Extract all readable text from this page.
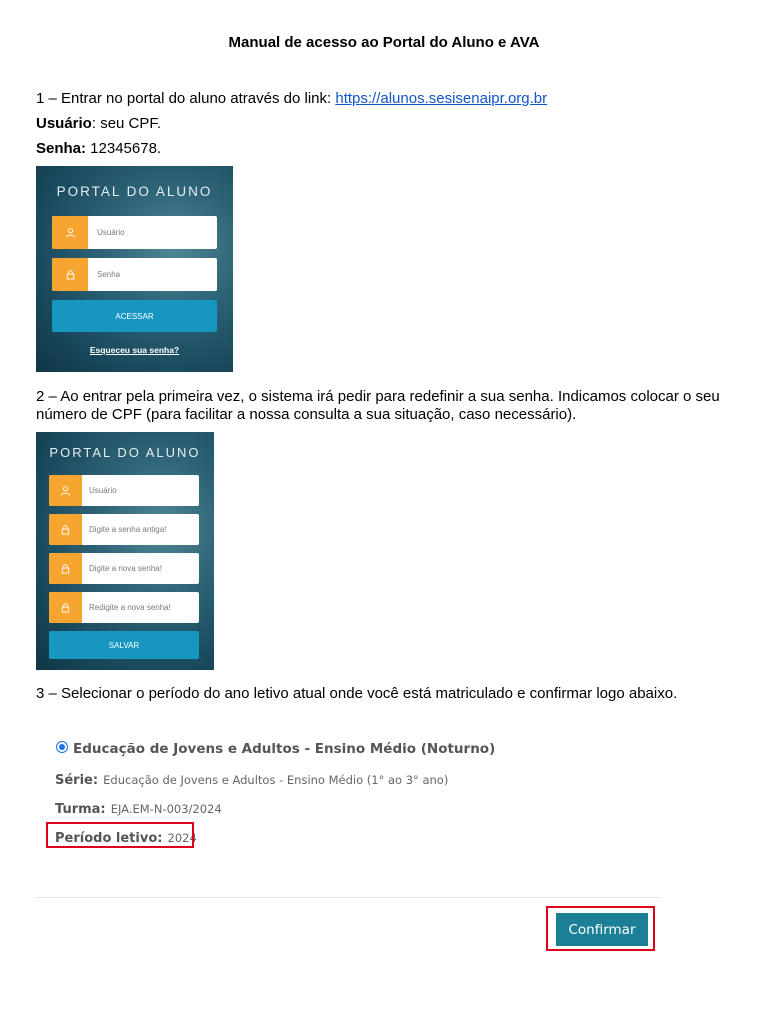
Manual de acesso ao Portal do Aluno e AVA
1 – Entrar no portal do aluno através do link: https://alunos.sesisenaipr.org.br
Usuário: seu CPF.
Senha: 12345678.
PORTAL DO ALUNO
Usuário
Senha
ACESSAR
Esqueceu sua senha?
2 – Ao entrar pela primeira vez, o sistema irá pedir para redefinir a sua senha. Indicamos colocar o seu número de CPF (para facilitar a nossa consulta a sua situação, caso necessário).
PORTAL DO ALUNO
Usuário
Digite a senha antiga!
Digite a nova senha!
Redigite a nova senha!
SALVAR
3 – Selecionar o período do ano letivo atual onde você está matriculado e confirmar logo abaixo.
Educação de Jovens e Adultos - Ensino Médio (Noturno)
Série: Educação de Jovens e Adultos - Ensino Médio (1° ao 3° ano)
Turma: EJA.EM-N-003/2024
Período letivo: 2024
Confirmar
